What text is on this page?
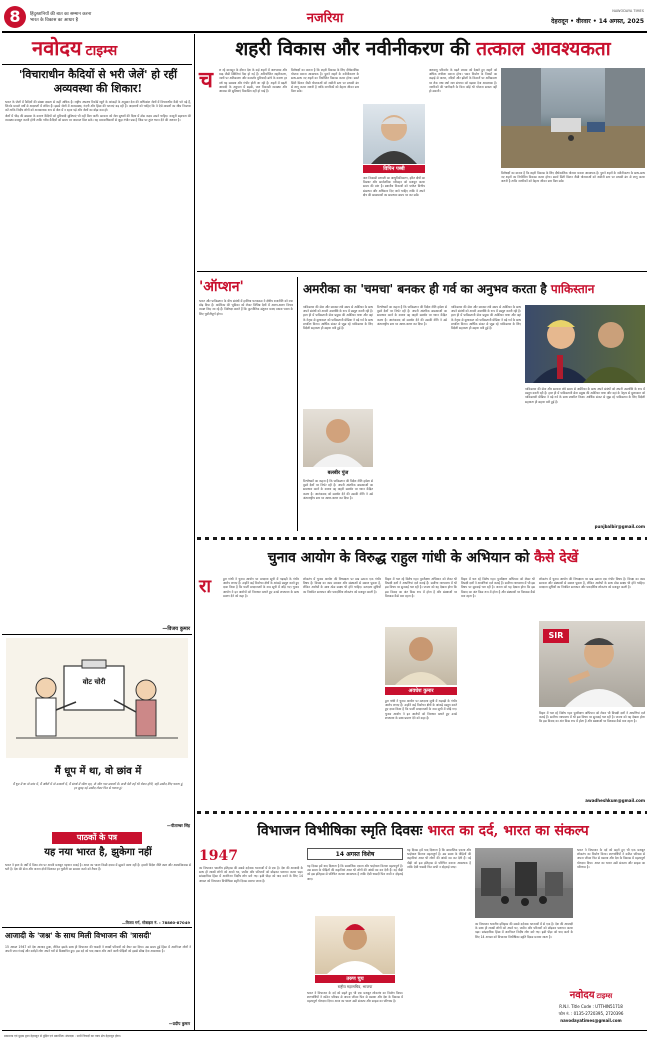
8	हिंदुस्तानियों की बात का सम्मान करना
भारत के विकास का आधार है	नजरिया	NAWODAYA TIMES
देहरादून • वीरवार • 14 अगस्त, 2025
नवोदय टाइम्स
'विचाराधीन कैदियों से भरी जेलें' हो रहीं अव्यवस्था की शिकार!

भारत के जेलों में कैदियों की संख्या क्षमता से कहीं अधिक है। राष्ट्रीय अपराध रिकॉर्ड ब्यूरो के आंकड़ों के अनुसार देश की अधिकांश जेलों में विचाराधीन कैदी भरे पड़े हैं, जिनके मामले वर्षों से अदालतों में लंबित हैं। इससे जेलों में अव्यवस्था, गंदगी और हिंसा की घटनाएं बढ़ रही हैं। अदालतों को चाहिए कि वे ऐसे मामलों का शीघ्र निपटारा करें ताकि निर्दोष लोगों को अनावश्यक रूप से जेल में न रहना पड़े और जेलों का बोझ कम हो।

जेलों में भीड़ की समस्या के कारण कैदियों को बुनियादी सुविधाएं भी नहीं मिल पातीं। सरकार को जेल सुधारों की दिशा में ठोस कदम उठाने चाहिए। कानूनी सहायता की व्यवस्था मजबूत करनी होगी ताकि गरीब कैदियों को समय पर जमानत मिल सके। यह मानवाधिकारों से जुड़ा गंभीर प्रश्न है जिस पर तुरंत ध्यान देने की जरूरत है।

—विजय कुमार
वोट चोरी
मैं धूप में था, वो छांव में
मैं धूप में था वो छांव में, मैं अंधेरों में वो उजालों में, मैं संघर्ष में जीता रहा, वो जीत गया सवालों में। कभी मेरी राहें भी रोशन होंगी, यही उम्मीद लिए चलता हूं, हर सुबह नई उम्मीद लेकर फिर से चलता हूं।
—पीताम्बर सिंह
पाठकों के पत्र
यह नया भारत है, झुकेगा नहीं
भारत ने हाल के वर्षों में विश्व मंच पर अपनी मजबूत पहचान बनाई है। आज का भारत किसी दबाव में झुकने वाला नहीं है। हमारी विदेश नीति स्पष्ट और आत्मविश्वास से भरी है। देश की सेना और जनता दोनों मिलकर हर चुनौती का सामना करने को तैयार हैं।
—विजय गर्ग, मोबाइल नं. : 78860-87049
आजादी के 'जश्न' के साथ मिली विभाजन की 'त्रासदी'
15 अगस्त 1947 को देश आजाद हुआ, लेकिन इसके साथ ही विभाजन की त्रासदी ने लाखों परिवारों को बेघर कर दिया। उस समय हुई हिंसा में अनगिनत लोगों ने अपनी जान गंवाई और करोड़ों लोग अपने घरों से विस्थापित हुए। इस दर्द को याद रखना और आने वाली पीढ़ियों को इससे सीख देना आवश्यक है।
—प्रदीप कुमार
शहरी विकास और नवीनीकरण की तत्काल आवश्यकता
च ल रहे मानसून के दौरान देश के कई शहरों में जलभराव और बाढ़ जैसी स्थितियां पैदा हो गई हैं। अनियोजित शहरीकरण, नालों पर अतिक्रमण और कमजोर बुनियादी ढांचे के कारण हर वर्ष यह समस्या और गंभीर होती जा रही है। शहरों में बढ़ती आबादी के अनुपात में सड़कें, जल निकासी व्यवस्था और आवास की सुविधाएं विकसित नहीं हो पाई हैं।
विशेषज्ञों का मानना है कि शहरी विकास के लिए दीर्घकालिक योजना बनाना आवश्यक है। पुराने शहरों के नवीनीकरण के साथ-साथ नए शहरों का नियोजित विकास करना होगा। स्मार्ट सिटी मिशन जैसी योजनाओं को जमीनी स्तर पर प्रभावी ढंग से लागू करना जरूरी है ताकि नागरिकों को बेहतर जीवन स्तर मिल सके।
विपिन पब्बी
जल निकासी प्रणाली का आधुनिकीकरण, हरित क्षेत्रों का विस्तार और सार्वजनिक परिवहन को मजबूत करना समय की मांग है। स्थानीय निकायों को पर्याप्त वित्तीय संसाधन और अधिकार दिए जाने चाहिए ताकि वे अपने क्षेत्र की समस्याओं का समाधान समय पर कर सकें।
जलवायु परिवर्तन के बढ़ते प्रभाव को देखते हुए शहरों को अधिक लचीला बनाना होगा। भवन निर्माण के नियमों का कड़ाई से पालन, नदियों और झीलों के किनारों पर अतिक्रमण पर रोक तथा वर्षा जल संचयन को बढ़ावा देना आवश्यक है। नागरिकों की भागीदारी के बिना कोई भी योजना सफल नहीं हो सकती।

विशेषज्ञों का मानना है कि शहरी विकास के लिए दीर्घकालिक योजना बनाना आवश्यक है। पुराने शहरों के नवीनीकरण के साथ-साथ नए शहरों का नियोजित विकास करना होगा। स्मार्ट सिटी मिशन जैसी योजनाओं को जमीनी स्तर पर प्रभावी ढंग से लागू करना जरूरी है ताकि नागरिकों को बेहतर जीवन स्तर मिल सके।

'ऑप्शन'
भारत और पाकिस्तान के बीच संबंधों में हालिया घटनाक्रम ने क्षेत्रीय राजनीति को नया मोड़ दिया है। अमेरिका की भूमिका को लेकर विभिन्न देशों में अलग-अलग विचार व्यक्त किए जा रहे हैं। विशेषज्ञ मानते हैं कि कूटनीतिक संतुलन बनाए रखना भारत के लिए चुनौतीपूर्ण होगा।
अमरीका का 'चमचा' बनकर ही गर्व का अनुभव करता है पाकिस्तान
पाकिस्तान की सेना और सरकार लंबे समय से अमेरिका के साथ अपने संबंधों को अपनी उपलब्धि के रूप में प्रस्तुत करती रही है। हाल ही में पाकिस्तानी सेना प्रमुख की अमेरिका यात्रा और वहां के नेतृत्व से मुलाकात को पाकिस्तानी मीडिया ने बड़े गर्व के साथ प्रचारित किया। आर्थिक संकट से जूझ रहे पाकिस्तान के लिए विदेशी सहायता ही सहारा बनी हुई है।
बलबीर पुंज
विश्लेषकों का कहना है कि पाकिस्तान की विदेश नीति हमेशा से दूसरे देशों पर निर्भर रही है। अपनी आंतरिक समस्याओं का समाधान करने के बजाय वह बाहरी समर्थन पर ध्यान केंद्रित करता है। आतंकवाद को समर्थन देने की उसकी नीति ने उसे अंतरराष्ट्रीय स्तर पर अलग-थलग कर दिया है।
विश्लेषकों का कहना है कि पाकिस्तान की विदेश नीति हमेशा से दूसरे देशों पर निर्भर रही है। अपनी आंतरिक समस्याओं का समाधान करने के बजाय वह बाहरी समर्थन पर ध्यान केंद्रित करता है। आतंकवाद को समर्थन देने की उसकी नीति ने उसे अंतरराष्ट्रीय स्तर पर अलग-थलग कर दिया है।
पाकिस्तान की सेना और सरकार लंबे समय से अमेरिका के साथ अपने संबंधों को अपनी उपलब्धि के रूप में प्रस्तुत करती रही है। हाल ही में पाकिस्तानी सेना प्रमुख की अमेरिका यात्रा और वहां के नेतृत्व से मुलाकात को पाकिस्तानी मीडिया ने बड़े गर्व के साथ प्रचारित किया। आर्थिक संकट से जूझ रहे पाकिस्तान के लिए विदेशी सहायता ही सहारा बनी हुई है।

पाकिस्तान की सेना और सरकार लंबे समय से अमेरिका के साथ अपने संबंधों को अपनी उपलब्धि के रूप में प्रस्तुत करती रही है। हाल ही में पाकिस्तानी सेना प्रमुख की अमेरिका यात्रा और वहां के नेतृत्व से मुलाकात को पाकिस्तानी मीडिया ने बड़े गर्व के साथ प्रचारित किया। आर्थिक संकट से जूझ रहे पाकिस्तान के लिए विदेशी सहायता ही सहारा बनी हुई है।

punjbalbir@gmail.com
चुनाव आयोग के विरुद्ध राहुल गांधी के अभियान को कैसे देखें
रा	हुल गांधी ने चुनाव आयोग पर मतदाता सूची में गड़बड़ी के गंभीर आरोप लगाए हैं। उन्होंने कई निर्वाचन क्षेत्रों के आंकड़े प्रस्तुत करते हुए दावा किया है कि फर्जी मतदाताओं के नाम सूची में जोड़े गए। चुनाव आयोग ने इन आरोपों को निराधार बताते हुए उनसे शपथपत्र के साथ प्रमाण देने को कहा है।
लोकतंत्र में चुनाव आयोग की निष्पक्षता पर प्रश्न उठाना एक गंभीर विषय है। विपक्ष का काम सरकार और संस्थाओं से सवाल पूछना है, लेकिन आरोपों के साथ ठोस साक्ष्य भी होने चाहिए। मतदाता सूचियों का नियमित सत्यापन और पारदर्शिता लोकतंत्र को मजबूत करती है।
अवधेश कुमार
बिहार में चल रहे विशेष गहन पुनरीक्षण अभियान को लेकर भी विपक्षी दलों ने आपत्तियां दर्ज कराई हैं। सर्वोच्च न्यायालय में भी इस विषय पर सुनवाई चल रही है। जनता को यह देखना होगा कि इस विवाद का अंत किस रूप में होता है और संस्थाओं पर विश्वास कैसे बना रहता है।
हुल गांधी ने चुनाव आयोग पर मतदाता सूची में गड़बड़ी के गंभीर आरोप लगाए हैं। उन्होंने कई निर्वाचन क्षेत्रों के आंकड़े प्रस्तुत करते हुए दावा किया है कि फर्जी मतदाताओं के नाम सूची में जोड़े गए। चुनाव आयोग ने इन आरोपों को निराधार बताते हुए उनसे शपथपत्र के साथ प्रमाण देने को कहा है।
बिहार में चल रहे विशेष गहन पुनरीक्षण अभियान को लेकर भी विपक्षी दलों ने आपत्तियां दर्ज कराई हैं। सर्वोच्च न्यायालय में भी इस विषय पर सुनवाई चल रही है। जनता को यह देखना होगा कि इस विवाद का अंत किस रूप में होता है और संस्थाओं पर विश्वास कैसे बना रहता है।
SIR
लोकतंत्र में चुनाव आयोग की निष्पक्षता पर प्रश्न उठाना एक गंभीर विषय है। विपक्ष का काम सरकार और संस्थाओं से सवाल पूछना है, लेकिन आरोपों के साथ ठोस साक्ष्य भी होने चाहिए। मतदाता सूचियों का नियमित सत्यापन और पारदर्शिता लोकतंत्र को मजबूत करती है।
बिहार में चल रहे विशेष गहन पुनरीक्षण अभियान को लेकर भी विपक्षी दलों ने आपत्तियां दर्ज कराई हैं। सर्वोच्च न्यायालय में भी इस विषय पर सुनवाई चल रही है। जनता को यह देखना होगा कि इस विवाद का अंत किस रूप में होता है और संस्थाओं पर विश्वास कैसे बना रहता है।
awadheshkum@gmail.com
विभाजन विभीषिका स्मृति दिवसः भारत का दर्द, भारत का संकल्प
1947
का विभाजन भारतीय इतिहास की सबसे दर्दनाक घटनाओं में से एक है। देश की आजादी के साथ ही लाखों लोगों को अपने घर, जमीन और परिजनों को छोड़कर पलायन करना पड़ा। सांप्रदायिक हिंसा में अनगिनत निर्दोष लोग मारे गए। इसी पीड़ा को याद करने के लिए 14 अगस्त को विभाजन विभीषिका स्मृति दिवस मनाया जाता है।
14 अगस्त विशेष
यह दिवस हमें याद दिलाता है कि सामाजिक एकता और भाईचारा कितना महत्वपूर्ण है। उस समय के पीड़ितों की कहानियां आज भी लोगों की आंखें नम कर देती हैं। नई पीढ़ी को इस इतिहास से परिचित कराना आवश्यक है ताकि ऐसी त्रासदी फिर कभी न दोहराई जाए।
तरुण चुघ
राष्ट्रीय महासचिव, भाजपा
भारत ने विभाजन के दर्द को सहते हुए भी एक मजबूत लोकतंत्र का निर्माण किया। शरणार्थियों ने कठिन परिश्रम से अपना जीवन फिर से बसाया और देश के विकास में महत्वपूर्ण योगदान दिया। आज का भारत उसी संकल्प और साहस का परिणाम है।
यह दिवस हमें याद दिलाता है कि सामाजिक एकता और भाईचारा कितना महत्वपूर्ण है। उस समय के पीड़ितों की कहानियां आज भी लोगों की आंखें नम कर देती हैं। नई पीढ़ी को इस इतिहास से परिचित कराना आवश्यक है ताकि ऐसी त्रासदी फिर कभी न दोहराई जाए।
का विभाजन भारतीय इतिहास की सबसे दर्दनाक घटनाओं में से एक है। देश की आजादी के साथ ही लाखों लोगों को अपने घर, जमीन और परिजनों को छोड़कर पलायन करना पड़ा। सांप्रदायिक हिंसा में अनगिनत निर्दोष लोग मारे गए। इसी पीड़ा को याद करने के लिए 14 अगस्त को विभाजन विभीषिका स्मृति दिवस मनाया जाता है।
भारत ने विभाजन के दर्द को सहते हुए भी एक मजबूत लोकतंत्र का निर्माण किया। शरणार्थियों ने कठिन परिश्रम से अपना जीवन फिर से बसाया और देश के विकास में महत्वपूर्ण योगदान दिया। आज का भारत उसी संकल्प और साहस का परिणाम है।
प्रकाशक एवं मुद्रक द्वारा देहरादून से मुद्रित एवं प्रकाशित। संपादक : सभी विवादों का न्याय क्षेत्र देहरादून होगा।
नवोदय टाइम्स
R.N.I. Title Code : UTTHIN51718
फोन नं. : 0135-2720395, 2720396
navodayatimes@gmail.com
